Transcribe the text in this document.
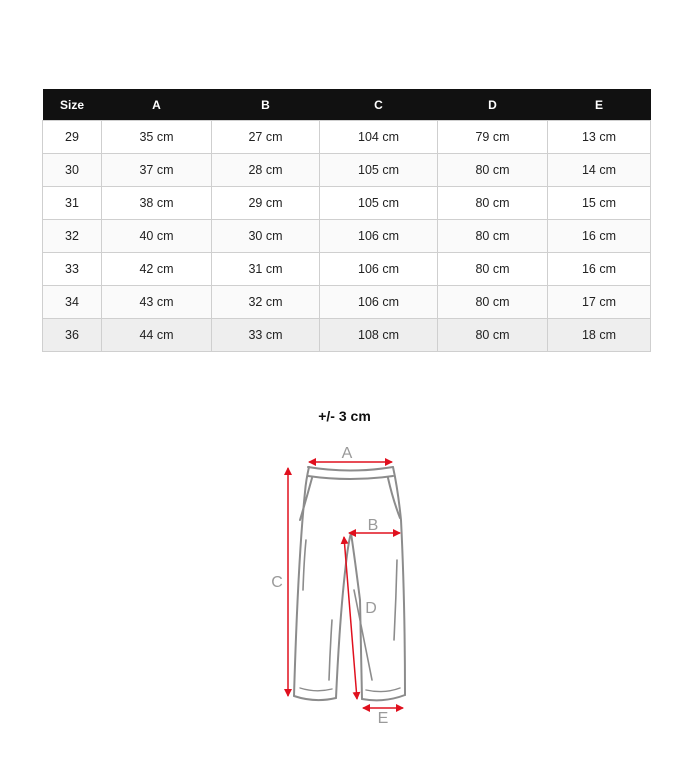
Size	A	B	C	D	E
29	35 cm	27 cm	104 cm	79 cm	13 cm
30	37 cm	28 cm	105 cm	80 cm	14 cm
31	38 cm	29 cm	105 cm	80 cm	15 cm
32	40 cm	30 cm	106 cm	80 cm	16 cm
33	42 cm	31 cm	106 cm	80 cm	16 cm
34	43 cm	32 cm	106 cm	80 cm	17 cm
36	44 cm	33 cm	108 cm	80 cm	18 cm
+/- 3 cm
A
B
C
D
E
